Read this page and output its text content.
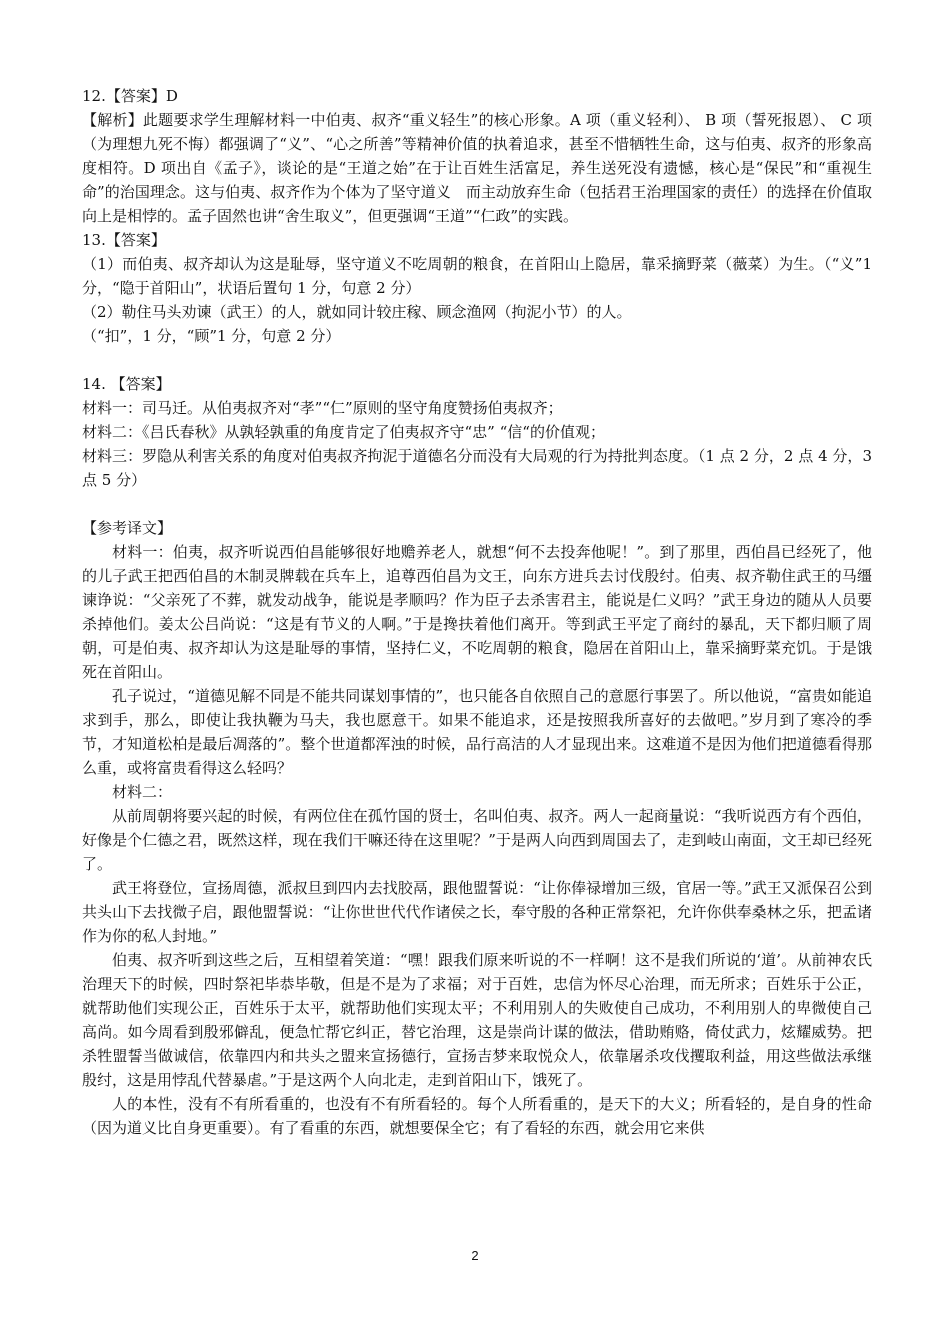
12.【答案】D

【解析】此题要求学生理解材料一中伯夷、叔齐“重义轻生”的核心形象。A 项（重义轻利）、 B 项（誓死报恩）、 C 项（为理想九死不悔）都强调了“义”、“心之所善”等精神价值的执着追求，甚至不惜牺牲生命，这与伯夷、叔齐的形象高度相符。D 项出自《孟子》，谈论的是“王道之始”在于让百姓生活富足，养生送死没有遗憾，核心是“保民”和“重视生命”的治国理念。这与伯夷、叔齐作为个体为了坚守道义　而主动放弃生命（包括君王治理国家的责任）的选择在价值取向上是相悖的。孟子固然也讲“舍生取义”，但更强调“王道”“仁政”的实践。

13.【答案】

（1）而伯夷、叔齐却认为这是耻辱，坚守道义不吃周朝的粮食，在首阳山上隐居，靠采摘野菜（薇菜）为生。（“义”1 分，“隐于首阳山”，状语后置句 1 分，句意 2 分）

（2）勒住马头劝谏（武王）的人，就如同计较庄稼、顾念渔网（拘泥小节）的人。

（“扣”，1 分，“顾”1 分，句意 2 分）

14. 【答案】

材料一：司马迁。从伯夷叔齐对“孝”“仁”原则的坚守角度赞扬伯夷叔齐；

材料二：《吕氏春秋》从孰轻孰重的角度肯定了伯夷叔齐守“忠” “信“的价值观；

材料三：罗隐从利害关系的角度对伯夷叔齐拘泥于道德名分而没有大局观的行为持批判态度。（1 点 2 分，2 点 4 分，3 点 5 分）

【参考译文】

材料一：伯夷，叔齐听说西伯昌能够很好地赡养老人，就想“何不去投奔他呢！”。到了那里，西伯昌已经死了，他的儿子武王把西伯昌的木制灵牌载在兵车上，追尊西伯昌为文王，向东方进兵去讨伐殷纣。伯夷、叔齐勒住武王的马缰谏诤说：“父亲死了不葬，就发动战争，能说是孝顺吗？作为臣子去杀害君主，能说是仁义吗？”武王身边的随从人员要杀掉他们。姜太公吕尚说：“这是有节义的人啊。”于是搀扶着他们离开。等到武王平定了商纣的暴乱，天下都归顺了周朝，可是伯夷、叔齐却认为这是耻辱的事情，坚持仁义，不吃周朝的粮食，隐居在首阳山上，靠采摘野菜充饥。于是饿死在首阳山。

孔子说过，“道德见解不同是不能共同谋划事情的”，也只能各自依照自己的意愿行事罢了。所以他说，“富贵如能追求到手，那么，即使让我执鞭为马夫，我也愿意干。如果不能追求，还是按照我所喜好的去做吧。”岁月到了寒冷的季节，才知道松柏是最后凋落的”。整个世道都浑浊的时候，品行高洁的人才显现出来。这难道不是因为他们把道德看得那么重，或将富贵看得这么轻吗？

材料二：

从前周朝将要兴起的时候，有两位住在孤竹国的贤士，名叫伯夷、叔齐。两人一起商量说：“我听说西方有个西伯，好像是个仁德之君，既然这样，现在我们干嘛还待在这里呢？”于是两人向西到周国去了，走到岐山南面，文王却已经死了。

武王将登位，宣扬周德，派叔旦到四内去找胶鬲，跟他盟誓说：“让你俸禄增加三级，官居一等。”武王又派保召公到共头山下去找微子启，跟他盟誓说：“让你世世代代作诸侯之长，奉守殷的各种正常祭祀，允许你供奉桑林之乐，把孟诸作为你的私人封地。”

伯夷、叔齐听到这些之后，互相望着笑道：“嘿！跟我们原来听说的不一样啊！这不是我们所说的‘道’。从前神农氏治理天下的时候，四时祭祀毕恭毕敬，但是不是为了求福；对于百姓，忠信为怀尽心治理，而无所求；百姓乐于公正，就帮助他们实现公正，百姓乐于太平，就帮助他们实现太平；不利用别人的失败使自己成功，不利用别人的卑微使自己高尚。如今周看到殷邪僻乱，便急忙帮它纠正，替它治理，这是崇尚计谋的做法，借助贿赂，倚仗武力，炫耀威势。把杀牲盟誓当做诚信，依靠四内和共头之盟来宣扬德行，宣扬吉梦来取悦众人，依靠屠杀攻伐攫取利益，用这些做法承继殷纣，这是用悖乱代替暴虐。”于是这两个人向北走，走到首阳山下，饿死了。

人的本性，没有不有所看重的，也没有不有所看轻的。每个人所看重的，是天下的大义；所看轻的，是自身的性命（因为道义比自身更重要）。有了看重的东西，就想要保全它；有了看轻的东西，就会用它来供

2
